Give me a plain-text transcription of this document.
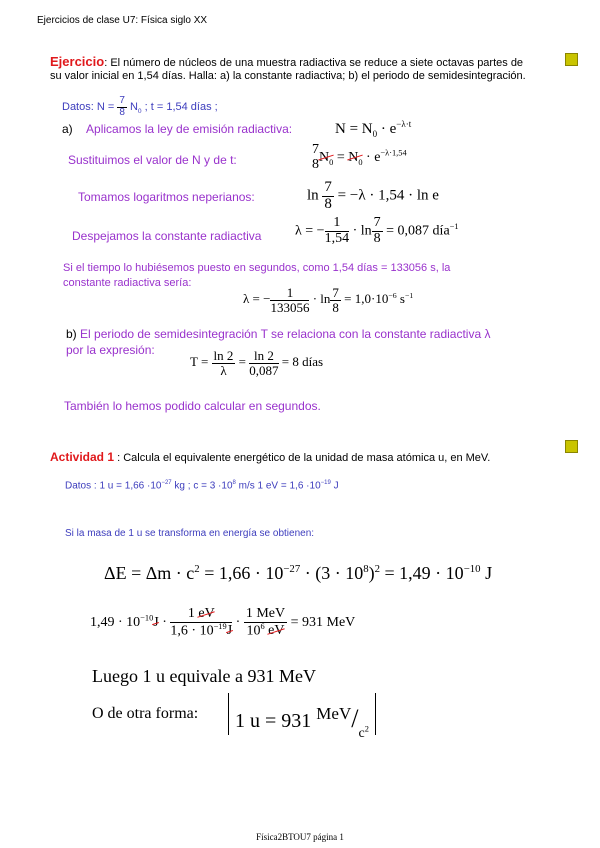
Ejercicios de clase U7: Física siglo XX
Ejercicio: El número de núcleos de una muestra radiactiva se reduce a siete octavas partes de
su valor inicial en 1,54 días. Halla: a) la constante radiactiva; b) el periodo de semidesintegración.
Datos: $N = \frac{7}{8} N_0$ ; t = 1,54 días ;
a) Aplicamos la ley de emisión radiactiva:	$N = N_0 \cdot e^{-\lambda\cdot t}$
Sustituimos el valor de N y de t:
7
8 $N_0 = N_0 \cdot e^{-\lambda\cdot 1,54}$
Tomamos logaritmos neperianos:	$\ln \frac{7}{8} = -\lambda \cdot 1,54 \cdot \ln e$
Despejamos la constante radiactiva λ = − $\frac{1}{1,54} \cdot \ln \frac{7}{8} = 0,087$ día$^{-1}$
Si el tiempo lo hubiésemos puesto en segundos, como 1,54 días = 133056 s, la
constante radiactiva sería:
λ = − $\frac{1}{133056} \cdot \ln \frac{7}{8} = 1,0\cdot 10^{-6}$ $s^{-1}$
b) El periodo de semidesintegración T se relaciona con la constante radiactiva λ
por la expresión:
$T = \frac{\ln 2}{\lambda} = \frac{\ln 2}{0,087} = 8$ días
También lo hemos podido calcular en segundos.
Actividad 1 : Calcula el equivalente energético de la unidad de masa atómica u, en MeV.
Datos : 1 $u = 1,66 \cdot 10^{-27}$ kg ; $c = 3 \cdot 10^8$ m/s 1 eV = $1,6 \cdot 10^{-19}$ J
Si la masa de 1 u se transforma en energía se obtienen:
$\Delta E = \Delta m \cdot c^2 = 1,66 \cdot 10^{-27} \cdot (3 \cdot 10^8)^2 = 1,49 \cdot 10^{-10}$ J
$1,49 \cdot 10^{-10}J \cdot \frac{1 eV}{1,6 \cdot 10^{-19}J} \cdot \frac{\text{1 MeV}}{10^6 eV} = 931$ MeV
Luego 1 u equivale a 931 MeV
O de otra forma:	1 u = 931 $^{MeV}/_{c^2}$
Física2BTOU7 página 1
